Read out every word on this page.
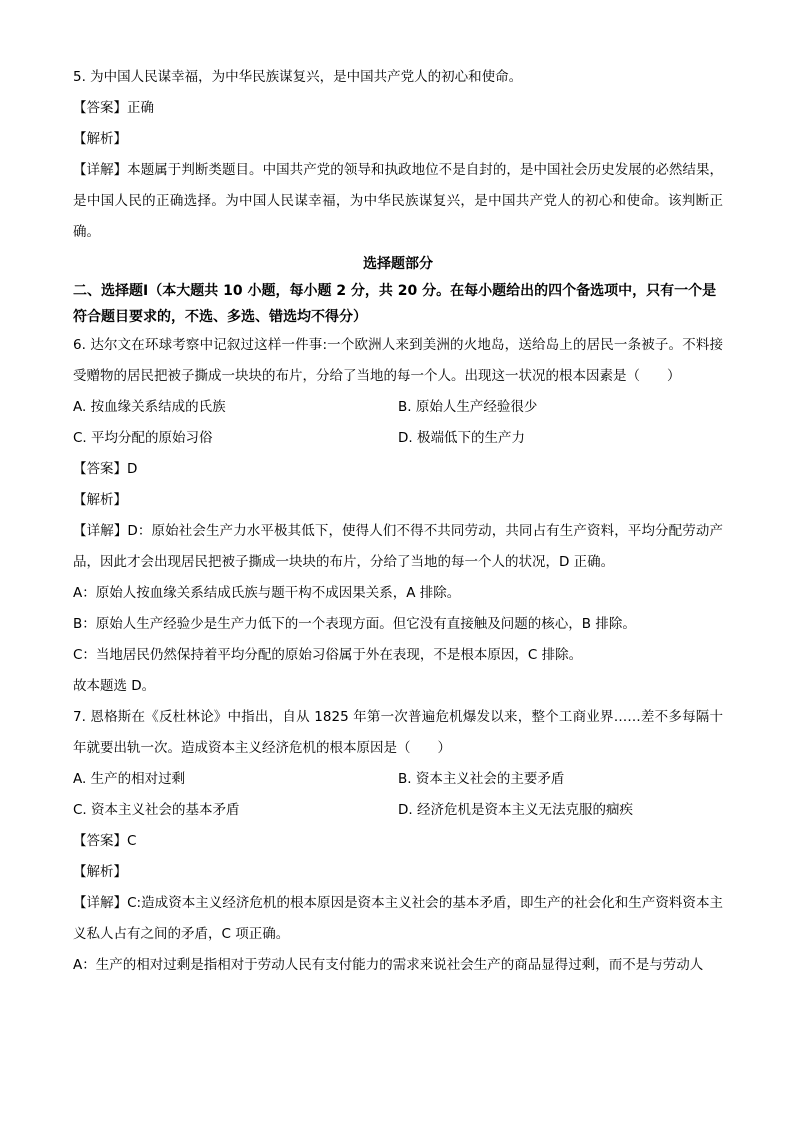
5. 为中国人民谋幸福，为中华民族谋复兴，是中国共产党人的初心和使命。
【答案】正确
【解析】
【详解】本题属于判断类题目。中国共产党的领导和执政地位不是自封的，是中国社会历史发展的必然结果，是中国人民的正确选择。为中国人民谋幸福，为中华民族谋复兴，是中国共产党人的初心和使命。该判断正确。
选择题部分
二、选择题Ⅰ（本大题共 10 小题，每小题 2 分，共 20 分。在每小题给出的四个备选项中，只有一个是符合题目要求的，不选、多选、错选均不得分）
6. 达尔文在环球考察中记叙过这样一件事:一个欧洲人来到美洲的火地岛，送给岛上的居民一条被子。不料接受赠物的居民把被子撕成一块块的布片，分给了当地的每一个人。出现这一状况的根本因素是（　　）
A. 按血缘关系结成的氏族	B. 原始人生产经验很少
C. 平均分配的原始习俗	D. 极端低下的生产力
【答案】D
【解析】
【详解】D：原始社会生产力水平极其低下，使得人们不得不共同劳动，共同占有生产资料，平均分配劳动产品，因此才会出现居民把被子撕成一块块的布片，分给了当地的每一个人的状况，D 正确。
A：原始人按血缘关系结成氏族与题干构不成因果关系，A 排除。
B：原始人生产经验少是生产力低下的一个表现方面。但它没有直接触及问题的核心，B 排除。
C：当地居民仍然保持着平均分配的原始习俗属于外在表现，不是根本原因，C 排除。
故本题选 D。
7. 恩格斯在《反杜林论》中指出，自从 1825 年第一次普遍危机爆发以来，整个工商业界……差不多每隔十年就要出轨一次。造成资本主义经济危机的根本原因是（　　）
A. 生产的相对过剩	B. 资本主义社会的主要矛盾
C. 资本主义社会的基本矛盾	D. 经济危机是资本主义无法克服的痼疾
【答案】C
【解析】
【详解】C:造成资本主义经济危机的根本原因是资本主义社会的基本矛盾，即生产的社会化和生产资料资本主义私人占有之间的矛盾，C 项正确。
A：生产的相对过剩是指相对于劳动人民有支付能力的需求来说社会生产的商品显得过剩，而不是与劳动人
